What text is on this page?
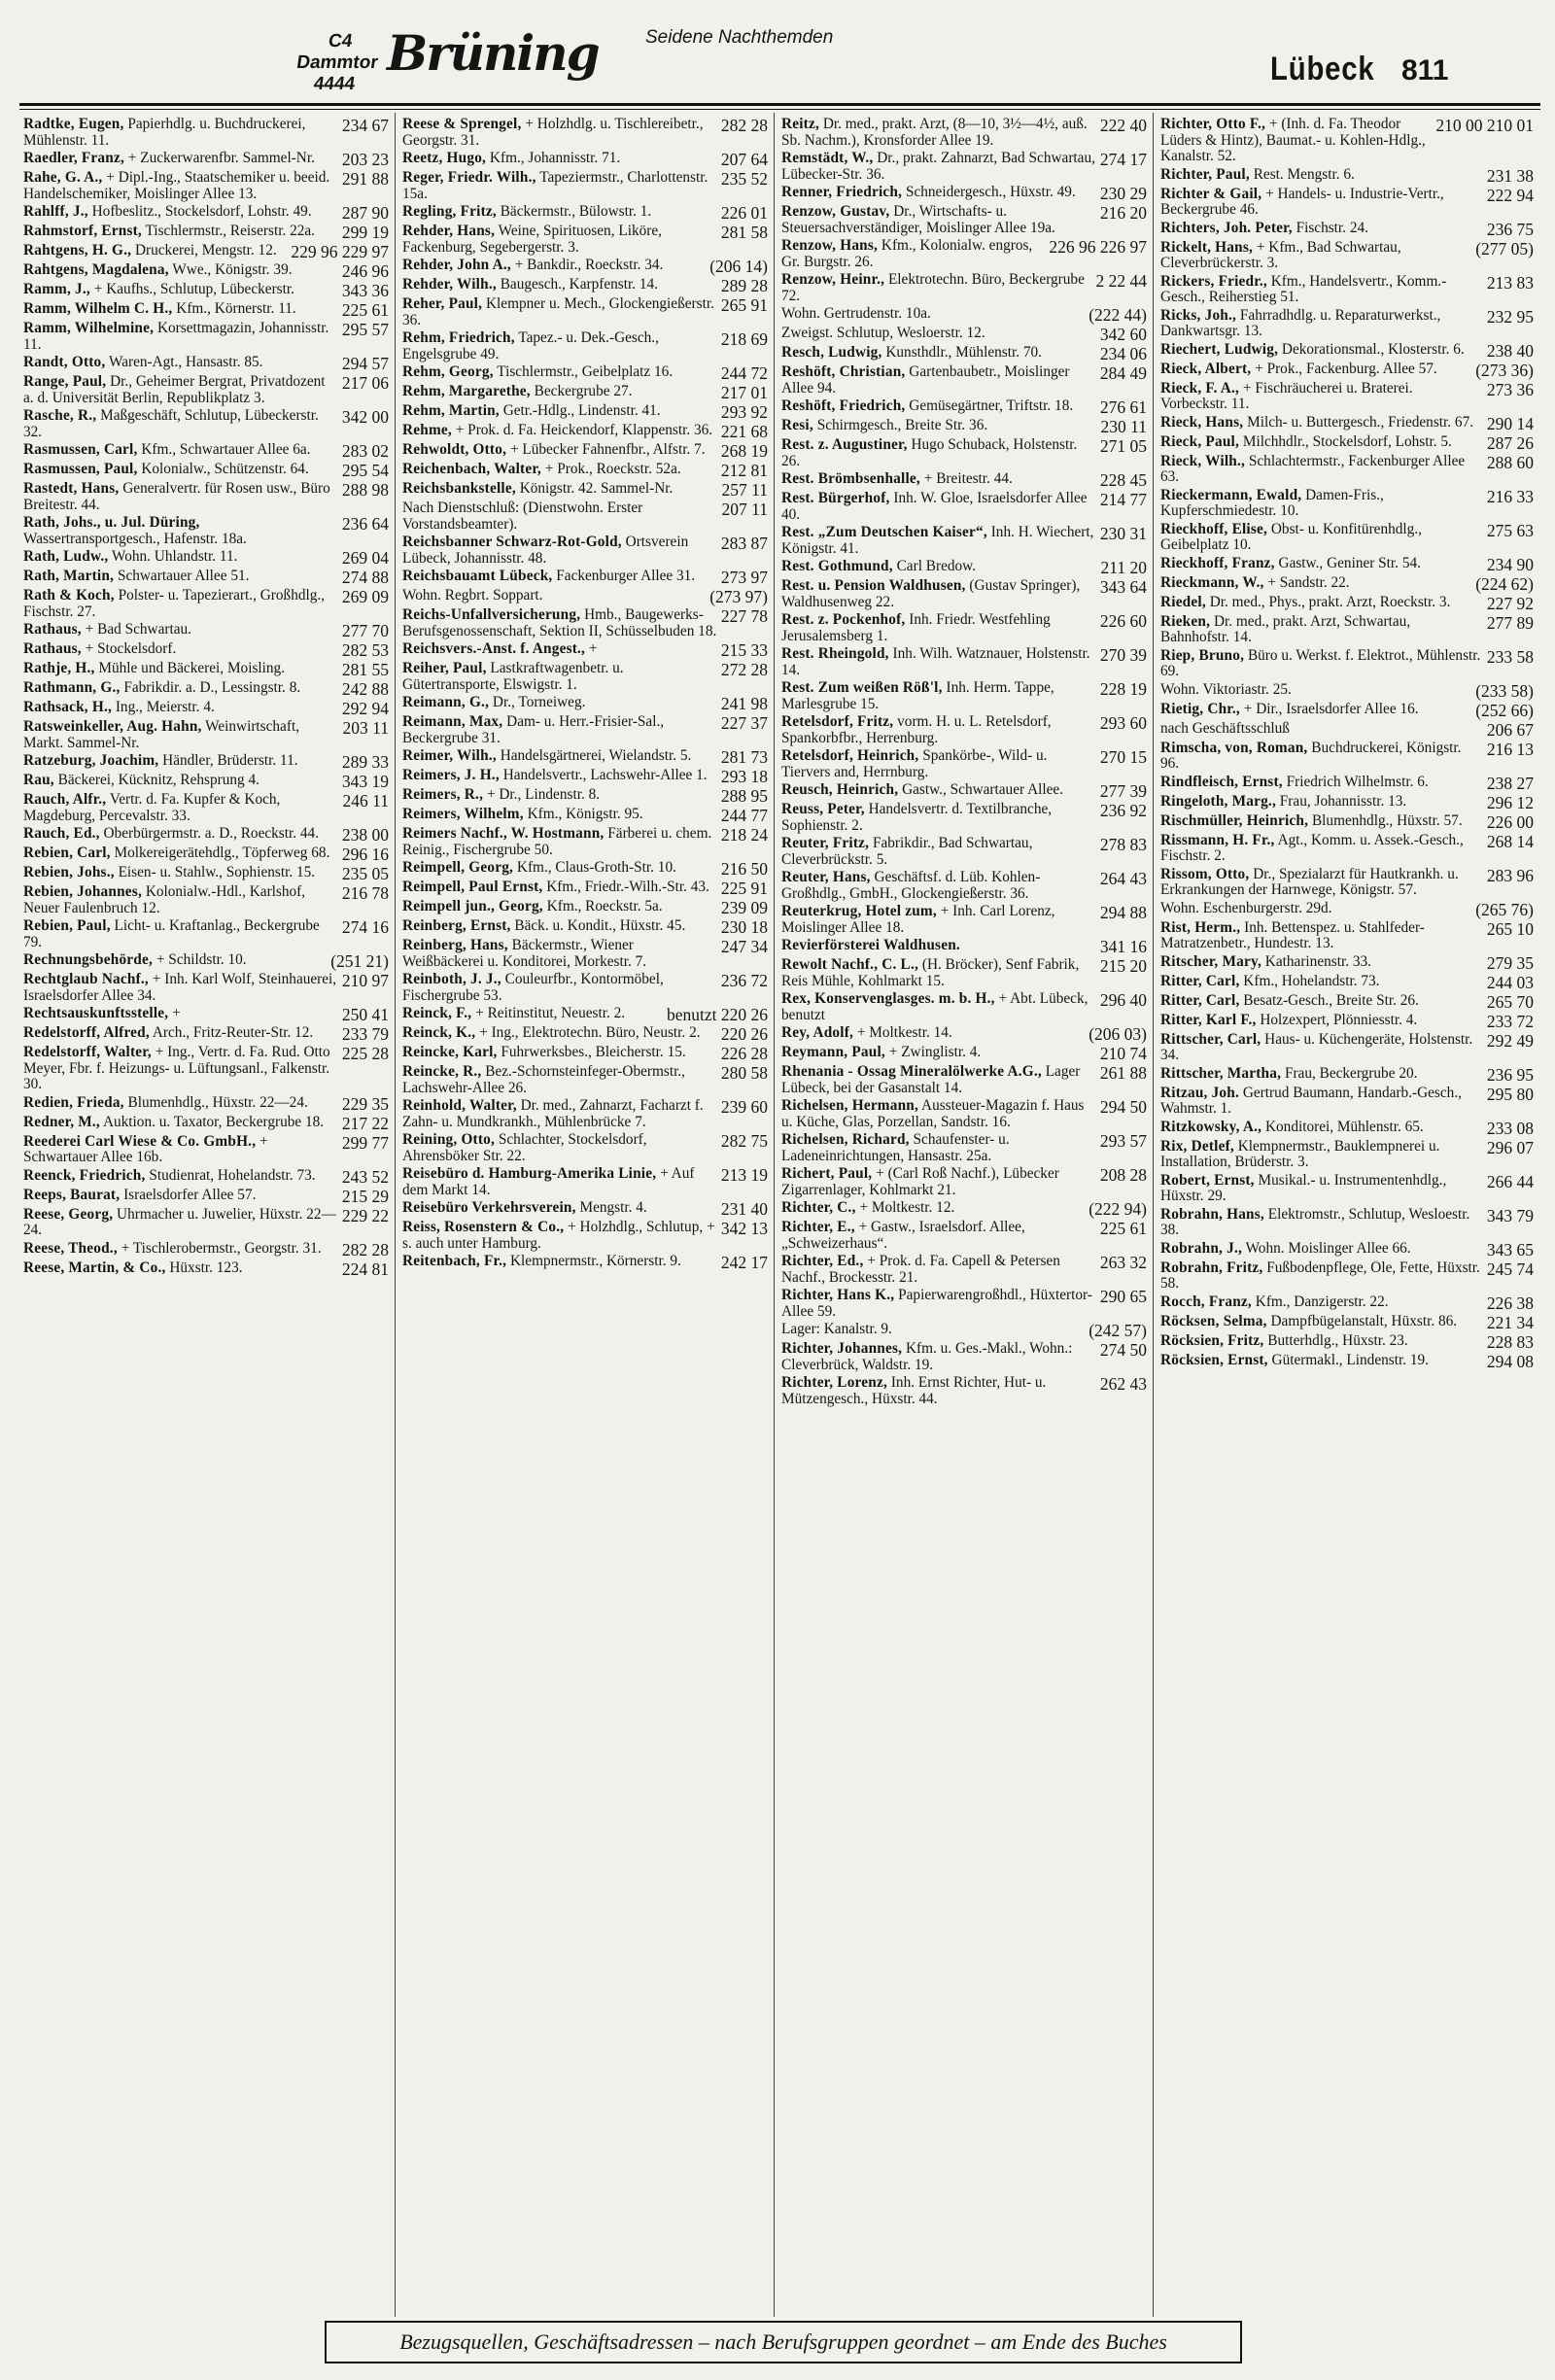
C4 Dammtor 4444
Brüning	Seidene Nachthemden
Lübeck 811
234 67
Radtke, Eugen, Papierhdlg. u. Buchdruckerei, Mühlenstr. 11.
203 23
Raedler, Franz, + Zuckerwarenfbr. Sammel-Nr.
291 88
Rahe, G. A., + Dipl.-Ing., Staatschemiker u. beeid. Handelschemiker, Moislinger Allee 13.
287 90
Rahlff, J., Hofbeslitz., Stockelsdorf, Lohstr. 49.
299 19
Rahmstorf, Ernst, Tischlermstr., Reiserstr. 22a.
229 96 229 97
Rahtgens, H. G., Druckerei, Mengstr. 12.
246 96
Rahtgens, Magdalena, Wwe., Königstr. 39.
343 36
Ramm, J., + Kaufhs., Schlutup, Lübeckerstr.
225 61
Ramm, Wilhelm C. H., Kfm., Körnerstr. 11.
295 57
Ramm, Wilhelmine, Korsettmagazin, Johannisstr. 11.
294 57
Randt, Otto, Waren-Agt., Hansastr. 85.
217 06
Range, Paul, Dr., Geheimer Bergrat, Privatdozent a. d. Universität Berlin, Republikplatz 3.
342 00
Rasche, R., Maßgeschäft, Schlutup, Lübeckerstr. 32.
283 02
Rasmussen, Carl, Kfm., Schwartauer Allee 6a.
295 54
Rasmussen, Paul, Kolonialw., Schützenstr. 64.
288 98
Rastedt, Hans, Generalvertr. für Rosen usw., Büro Breitestr. 44.
236 64
Rath, Johs., u. Jul. Düring, Wassertransportgesch., Hafenstr. 18a.
269 04
Rath, Ludw., Wohn. Uhlandstr. 11.
274 88
Rath, Martin, Schwartauer Allee 51.
269 09
Rath & Koch, Polster- u. Tapezierart., Großhdlg., Fischstr. 27.
277 70
Rathaus, + Bad Schwartau.
282 53
Rathaus, + Stockelsdorf.
281 55
Rathje, H., Mühle und Bäckerei, Moisling.
242 88
Rathmann, G., Fabrikdir. a. D., Lessingstr. 8.
292 94
Rathsack, H., Ing., Meierstr. 4.
203 11
Ratsweinkeller, Aug. Hahn, Weinwirtschaft, Markt. Sammel-Nr.
289 33
Ratzeburg, Joachim, Händler, Brüderstr. 11.
343 19
Rau, Bäckerei, Kücknitz, Rehsprung 4.
246 11
Rauch, Alfr., Vertr. d. Fa. Kupfer & Koch, Magdeburg, Percevalstr. 33.
238 00
Rauch, Ed., Oberbürgermstr. a. D., Roeckstr. 44.
296 16
Rebien, Carl, Molkereigerätehdlg., Töpferweg 68.
235 05
Rebien, Johs., Eisen- u. Stahlw., Sophienstr. 15.
216 78
Rebien, Johannes, Kolonialw.-Hdl., Karlshof, Neuer Faulenbruch 12.
274 16
Rebien, Paul, Licht- u. Kraftanlag., Beckergrube 79.
(251 21)
Rechnungsbehörde, + Schildstr. 10.
210 97
Rechtglaub Nachf., + Inh. Karl Wolf, Steinhauerei, Israelsdorfer Allee 34.
250 41
Rechtsauskunftsstelle, +
233 79
Redelstorff, Alfred, Arch., Fritz-Reuter-Str. 12.
225 28
Redelstorff, Walter, + Ing., Vertr. d. Fa. Rud. Otto Meyer, Fbr. f. Heizungs- u. Lüftungsanl., Falkenstr. 30.
229 35
Redien, Frieda, Blumenhdlg., Hüxstr. 22—24.
217 22
Redner, M., Auktion. u. Taxator, Beckergrube 18.
299 77
Reederei Carl Wiese & Co. GmbH., + Schwartauer Allee 16b.
243 52
Reenck, Friedrich, Studienrat, Hohelandstr. 73.
215 29
Reeps, Baurat, Israelsdorfer Allee 57.
229 22
Reese, Georg, Uhrmacher u. Juwelier, Hüxstr. 22—24.
282 28
Reese, Theod., + Tischlerobermstr., Georgstr. 31.
224 81
Reese, Martin, & Co., Hüxstr. 123.
282 28
Reese & Sprengel, + Holzhdlg. u. Tischlereibetr., Georgstr. 31.
207 64
Reetz, Hugo, Kfm., Johannisstr. 71.
235 52
Reger, Friedr. Wilh., Tapeziermstr., Charlottenstr. 15a.
226 01
Regling, Fritz, Bäckermstr., Bülowstr. 1.
281 58
Rehder, Hans, Weine, Spirituosen, Liköre, Fackenburg, Segebergerstr. 3.
(206 14)
Rehder, John A., + Bankdir., Roeckstr. 34.
289 28
Rehder, Wilh., Baugesch., Karpfenstr. 14.
265 91
Reher, Paul, Klempner u. Mech., Glockengießerstr. 36.
218 69
Rehm, Friedrich, Tapez.- u. Dek.-Gesch., Engelsgrube 49.
244 72
Rehm, Georg, Tischlermstr., Geibelplatz 16.
217 01
Rehm, Margarethe, Beckergrube 27.
293 92
Rehm, Martin, Getr.-Hdlg., Lindenstr. 41.
221 68
Rehme, + Prok. d. Fa. Heickendorf, Klappenstr. 36.
268 19
Rehwoldt, Otto, + Lübecker Fahnenfbr., Alfstr. 7.
212 81
Reichenbach, Walter, + Prok., Roeckstr. 52a.
257 11
Reichsbankstelle, Königstr. 42. Sammel-Nr.
207 11
Nach Dienstschluß: (Dienstwohn. Erster Vorstandsbeamter).
283 87
Reichsbanner Schwarz-Rot-Gold, Ortsverein Lübeck, Johannisstr. 48.
273 97
Reichsbauamt Lübeck, Fackenburger Allee 31.
(273 97)
Wohn. Regbrt. Soppart.
227 78
Reichs-Unfallversicherung, Hmb., Baugewerks-Berufsgenossenschaft, Sektion II, Schüsselbuden 18.
215 33
Reichsvers.-Anst. f. Angest., +
272 28
Reiher, Paul, Lastkraftwagenbetr. u. Gütertransporte, Elswigstr. 1.
241 98
Reimann, G., Dr., Torneiweg.
227 37
Reimann, Max, Dam- u. Herr.-Frisier-Sal., Beckergrube 31.
281 73
Reimer, Wilh., Handelsgärtnerei, Wielandstr. 5.
293 18
Reimers, J. H., Handelsvertr., Lachswehr-Allee 1.
288 95
Reimers, R., + Dr., Lindenstr. 8.
244 77
Reimers, Wilhelm, Kfm., Königstr. 95.
218 24
Reimers Nachf., W. Hostmann, Färberei u. chem. Reinig., Fischergrube 50.
216 50
Reimpell, Georg, Kfm., Claus-Groth-Str. 10.
225 91
Reimpell, Paul Ernst, Kfm., Friedr.-Wilh.-Str. 43.
239 09
Reimpell jun., Georg, Kfm., Roeckstr. 5a.
230 18
Reinberg, Ernst, Bäck. u. Kondit., Hüxstr. 45.
247 34
Reinberg, Hans, Bäckermstr., Wiener Weißbäckerei u. Konditorei, Morkestr. 7.
236 72
Reinboth, J. J., Couleurfbr., Kontormöbel, Fischergrube 53.
benutzt 220 26
Reinck, F., + Reitinstitut, Neuestr. 2.
220 26
Reinck, K., + Ing., Elektrotechn. Büro, Neustr. 2.
226 28
Reincke, Karl, Fuhrwerksbes., Bleicherstr. 15.
280 58
Reincke, R., Bez.-Schornsteinfeger-Obermstr., Lachswehr-Allee 26.
239 60
Reinhold, Walter, Dr. med., Zahnarzt, Facharzt f. Zahn- u. Mundkrankh., Mühlenbrücke 7.
282 75
Reining, Otto, Schlachter, Stockelsdorf, Ahrensböker Str. 22.
213 19
Reisebüro d. Hamburg-Amerika Linie, + Auf dem Markt 14.
231 40
Reisebüro Verkehrsverein, Mengstr. 4.
342 13
Reiss, Rosenstern & Co., + Holzhdlg., Schlutup, + s. auch unter Hamburg.
242 17
Reitenbach, Fr., Klempnermstr., Körnerstr. 9.
222 40
Reitz, Dr. med., prakt. Arzt, (8—10, 3½—4½, auß. Sb. Nachm.), Kronsforder Allee 19.
274 17
Remstädt, W., Dr., prakt. Zahnarzt, Bad Schwartau, Lübecker-Str. 36.
230 29
Renner, Friedrich, Schneidergesch., Hüxstr. 49.
216 20
Renzow, Gustav, Dr., Wirtschafts- u. Steuersachverständiger, Moislinger Allee 19a.
226 96 226 97
Renzow, Hans, Kfm., Kolonialw. engros, Gr. Burgstr. 26.
2 22 44
Renzow, Heinr., Elektrotechn. Büro, Beckergrube 72.
(222 44)
Wohn. Gertrudenstr. 10a.
342 60
Zweigst. Schlutup, Wesloerstr. 12.
234 06
Resch, Ludwig, Kunsthdlr., Mühlenstr. 70.
284 49
Reshöft, Christian, Gartenbaubetr., Moislinger Allee 94.
276 61
Reshöft, Friedrich, Gemüsegärtner, Triftstr. 18.
230 11
Resi, Schirmgesch., Breite Str. 36.
271 05
Rest. z. Augustiner, Hugo Schuback, Holstenstr. 26.
228 45
Rest. Brömbsenhalle, + Breitestr. 44.
214 77
Rest. Bürgerhof, Inh. W. Gloe, Israelsdorfer Allee 40.
230 31
Rest. „Zum Deutschen Kaiser“, Inh. H. Wiechert, Königstr. 41.
211 20
Rest. Gothmund, Carl Bredow.
343 64
Rest. u. Pension Waldhusen, (Gustav Springer), Waldhusenweg 22.
226 60
Rest. z. Pockenhof, Inh. Friedr. Westfehling Jerusalemsberg 1.
270 39
Rest. Rheingold, Inh. Wilh. Watznauer, Holstenstr. 14.
228 19
Rest. Zum weißen Röß'l, Inh. Herm. Tappe, Marlesgrube 15.
293 60
Retelsdorf, Fritz, vorm. H. u. L. Retelsdorf, Spankorbfbr., Herrenburg.
270 15
Retelsdorf, Heinrich, Spankörbe-, Wild- u. Tiervers and, Herrnburg.
277 39
Reusch, Heinrich, Gastw., Schwartauer Allee.
236 92
Reuss, Peter, Handelsvertr. d. Textilbranche, Sophienstr. 2.
278 83
Reuter, Fritz, Fabrikdir., Bad Schwartau, Cleverbrückstr. 5.
264 43
Reuter, Hans, Geschäftsf. d. Lüb. Kohlen-Großhdlg., GmbH., Glockengießerstr. 36.
294 88
Reuterkrug, Hotel zum, + Inh. Carl Lorenz, Moislinger Allee 18.
341 16
Revierförsterei Waldhusen.
215 20
Rewolt Nachf., C. L., (H. Bröcker), Senf Fabrik, Reis Mühle, Kohlmarkt 15.
296 40
Rex, Konservenglasges. m. b. H., + Abt. Lübeck, benutzt
(206 03)
Rey, Adolf, + Moltkestr. 14.
210 74
Reymann, Paul, + Zwinglistr. 4.
261 88
Rhenania - Ossag Mineralölwerke A.G., Lager Lübeck, bei der Gasanstalt 14.
294 50
Richelsen, Hermann, Aussteuer-Magazin f. Haus u. Küche, Glas, Porzellan, Sandstr. 16.
293 57
Richelsen, Richard, Schaufenster- u. Ladeneinrichtungen, Hansastr. 25a.
208 28
Richert, Paul, + (Carl Roß Nachf.), Lübecker Zigarrenlager, Kohlmarkt 21.
(222 94)
Richter, C., + Moltkestr. 12.
225 61
Richter, E., + Gastw., Israelsdorf. Allee, „Schweizerhaus“.
263 32
Richter, Ed., + Prok. d. Fa. Capell & Petersen Nachf., Brockesstr. 21.
290 65
Richter, Hans K., Papierwarengroßhdl., Hüxtertor-Allee 59.
(242 57)
Lager: Kanalstr. 9.
274 50
Richter, Johannes, Kfm. u. Ges.-Makl., Wohn.: Cleverbrück, Waldstr. 19.
262 43
Richter, Lorenz, Inh. Ernst Richter, Hut- u. Mützengesch., Hüxstr. 44.
210 00 210 01
Richter, Otto F., + (Inh. d. Fa. Theodor Lüders & Hintz), Baumat.- u. Kohlen-Hdlg., Kanalstr. 52.
231 38
Richter, Paul, Rest. Mengstr. 6.
222 94
Richter & Gail, + Handels- u. Industrie-Vertr., Beckergrube 46.
236 75
Richters, Joh. Peter, Fischstr. 24.
(277 05)
Rickelt, Hans, + Kfm., Bad Schwartau, Cleverbrückerstr. 3.
213 83
Rickers, Friedr., Kfm., Handelsvertr., Komm.-Gesch., Reiherstieg 51.
232 95
Ricks, Joh., Fahrradhdlg. u. Reparaturwerkst., Dankwartsgr. 13.
238 40
Riechert, Ludwig, Dekorationsmal., Klosterstr. 6.
(273 36)
Rieck, Albert, + Prok., Fackenburg. Allee 57.
273 36
Rieck, F. A., + Fischräucherei u. Braterei. Vorbeckstr. 11.
290 14
Rieck, Hans, Milch- u. Buttergesch., Friedenstr. 67.
287 26
Rieck, Paul, Milchhdlr., Stockelsdorf, Lohstr. 5.
288 60
Rieck, Wilh., Schlachtermstr., Fackenburger Allee 63.
216 33
Rieckermann, Ewald, Damen-Fris., Kupferschmiedestr. 10.
275 63
Rieckhoff, Elise, Obst- u. Konfitürenhdlg., Geibelplatz 10.
234 90
Rieckhoff, Franz, Gastw., Geniner Str. 54.
(224 62)
Rieckmann, W., + Sandstr. 22.
227 92
Riedel, Dr. med., Phys., prakt. Arzt, Roeckstr. 3.
277 89
Rieken, Dr. med., prakt. Arzt, Schwartau, Bahnhofstr. 14.
233 58
Riep, Bruno, Büro u. Werkst. f. Elektrot., Mühlenstr. 69.
(233 58)
Wohn. Viktoriastr. 25.
(252 66)
Rietig, Chr., + Dir., Israelsdorfer Allee 16.
206 67
nach Geschäftsschluß
216 13
Rimscha, von, Roman, Buchdruckerei, Königstr. 96.
238 27
Rindfleisch, Ernst, Friedrich Wilhelmstr. 6.
296 12
Ringeloth, Marg., Frau, Johannisstr. 13.
226 00
Rischmüller, Heinrich, Blumenhdlg., Hüxstr. 57.
268 14
Rissmann, H. Fr., Agt., Komm. u. Assek.-Gesch., Fischstr. 2.
283 96
Rissom, Otto, Dr., Spezialarzt für Hautkrankh. u. Erkrankungen der Harnwege, Königstr. 57.
(265 76)
Wohn. Eschenburgerstr. 29d.
265 10
Rist, Herm., Inh. Bettenspez. u. Stahlfeder-Matratzenbetr., Hundestr. 13.
279 35
Ritscher, Mary, Katharinenstr. 33.
244 03
Ritter, Carl, Kfm., Hohelandstr. 73.
265 70
Ritter, Carl, Besatz-Gesch., Breite Str. 26.
233 72
Ritter, Karl F., Holzexpert, Plönniesstr. 4.
292 49
Rittscher, Carl, Haus- u. Küchengeräte, Holstenstr. 34.
236 95
Rittscher, Martha, Frau, Beckergrube 20.
295 80
Ritzau, Joh. Gertrud Baumann, Handarb.-Gesch., Wahmstr. 1.
233 08
Ritzkowsky, A., Konditorei, Mühlenstr. 65.
296 07
Rix, Detlef, Klempnermstr., Bauklempnerei u. Installation, Brüderstr. 3.
266 44
Robert, Ernst, Musikal.- u. Instrumentenhdlg., Hüxstr. 29.
343 79
Robrahn, Hans, Elektromstr., Schlutup, Wesloestr. 38.
343 65
Robrahn, J., Wohn. Moislinger Allee 66.
245 74
Robrahn, Fritz, Fußbodenpflege, Öle, Fette, Hüxstr. 58.
226 38
Rocch, Franz, Kfm., Danzigerstr. 22.
221 34
Röcksen, Selma, Dampfbügelanstalt, Hüxstr. 86.
228 83
Röcksien, Fritz, Butterhdlg., Hüxstr. 23.
294 08
Röcksien, Ernst, Gütermakl., Lindenstr. 19.
Bezugsquellen, Geschäftsadressen – nach Berufsgruppen geordnet – am Ende des Buches
